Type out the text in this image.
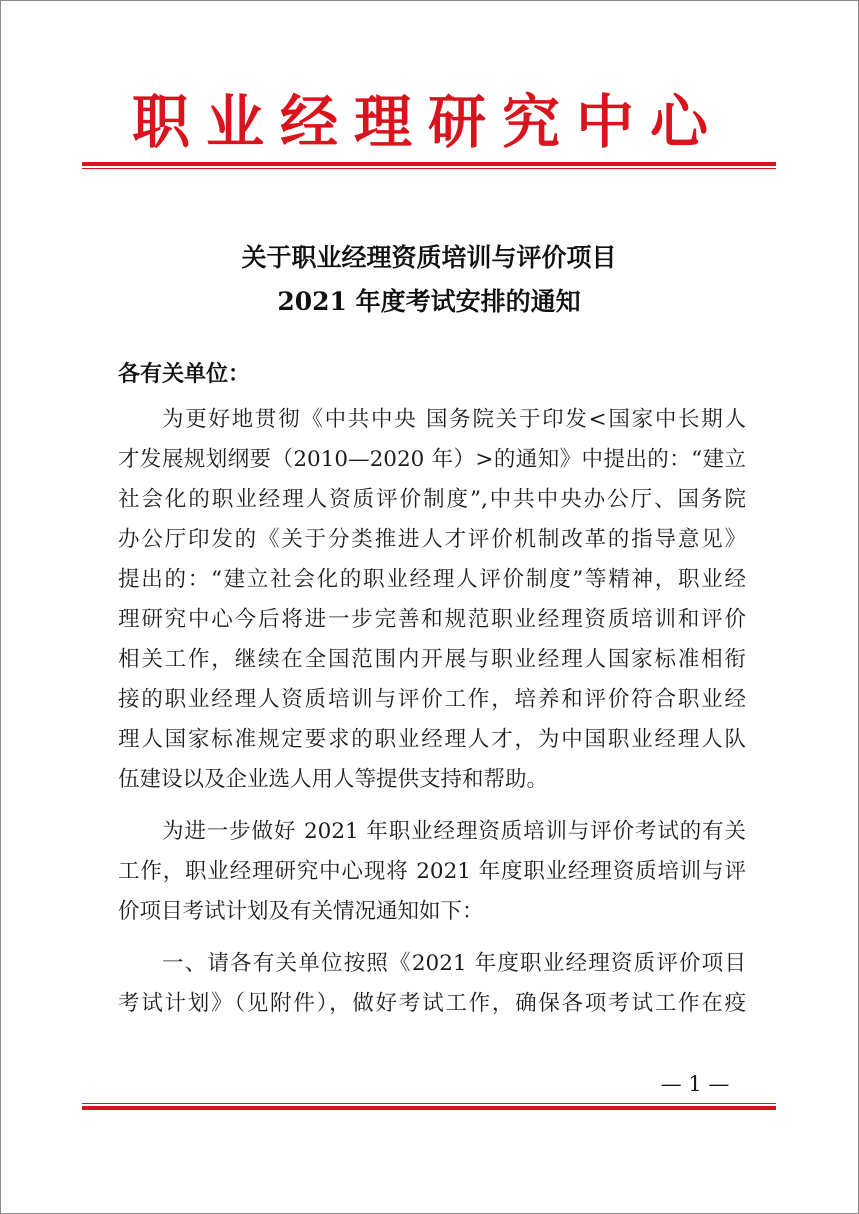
职业经理研究中心
关于职业经理资质培训与评价项目
2021 年度考试安排的通知
各有关单位：
为更好地贯彻《中共中央 国务院关于印发<国家中长期人
才发展规划纲要（2010—2020 年）>的通知》中提出的：“建立
社会化的职业经理人资质评价制度”,中共中央办公厅、国务院
办公厅印发的《关于分类推进人才评价机制改革的指导意见》
提出的：“建立社会化的职业经理人评价制度”等精神，职业经
理研究中心今后将进一步完善和规范职业经理资质培训和评价
相关工作，继续在全国范围内开展与职业经理人国家标准相衔
接的职业经理人资质培训与评价工作，培养和评价符合职业经
理人国家标准规定要求的职业经理人才，为中国职业经理人队
伍建设以及企业选人用人等提供支持和帮助。
为进一步做好 2021 年职业经理资质培训与评价考试的有关
工作，职业经理研究中心现将 2021 年度职业经理资质培训与评
价项目考试计划及有关情况通知如下：
一、请各有关单位按照《2021 年度职业经理资质评价项目
考试计划》（见附件），做好考试工作，确保各项考试工作在疫
— 1 —
